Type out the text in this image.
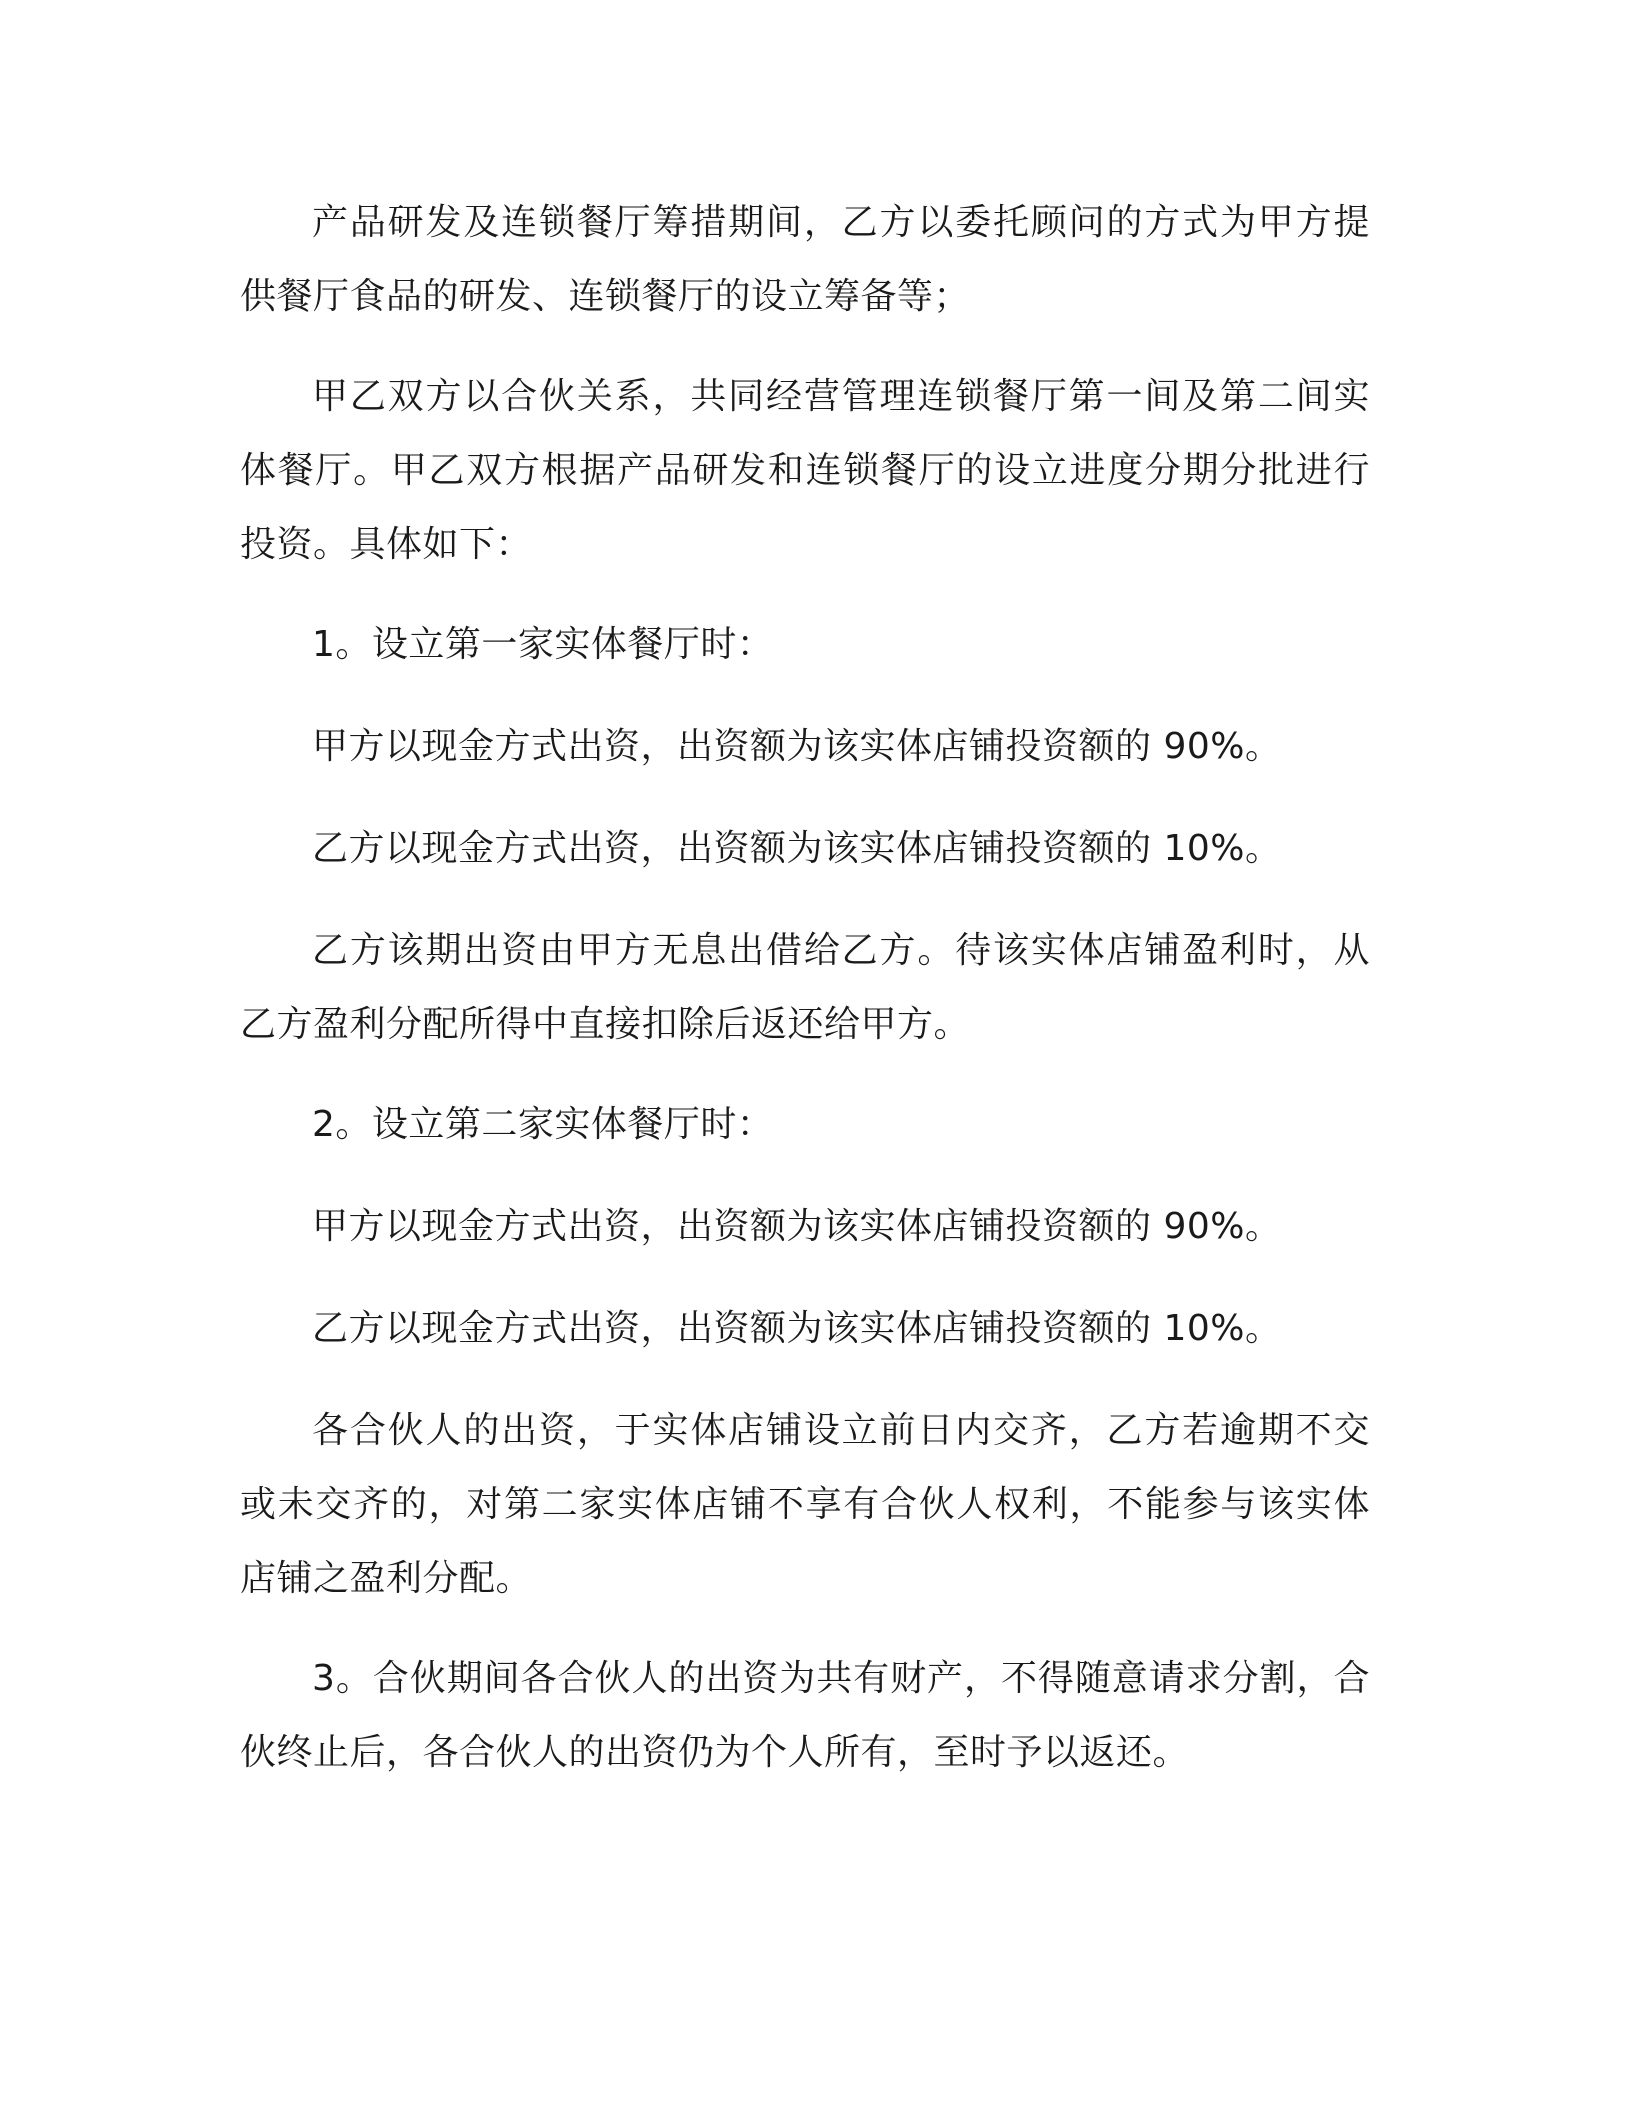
产品研发及连锁餐厅筹措期间，乙方以委托顾问的方式为甲方提供餐厅食品的研发、连锁餐厅的设立筹备等；

甲乙双方以合伙关系，共同经营管理连锁餐厅第一间及第二间实体餐厅。甲乙双方根据产品研发和连锁餐厅的设立进度分期分批进行投资。具体如下：

1。设立第一家实体餐厅时：

甲方以现金方式出资，出资额为该实体店铺投资额的 90%。

乙方以现金方式出资，出资额为该实体店铺投资额的 10%。

乙方该期出资由甲方无息出借给乙方。待该实体店铺盈利时，从乙方盈利分配所得中直接扣除后返还给甲方。

2。设立第二家实体餐厅时：

甲方以现金方式出资，出资额为该实体店铺投资额的 90%。

乙方以现金方式出资，出资额为该实体店铺投资额的 10%。

各合伙人的出资，于实体店铺设立前日内交齐，乙方若逾期不交或未交齐的，对第二家实体店铺不享有合伙人权利，不能参与该实体店铺之盈利分配。

3。合伙期间各合伙人的出资为共有财产，不得随意请求分割，合伙终止后，各合伙人的出资仍为个人所有，至时予以返还。
